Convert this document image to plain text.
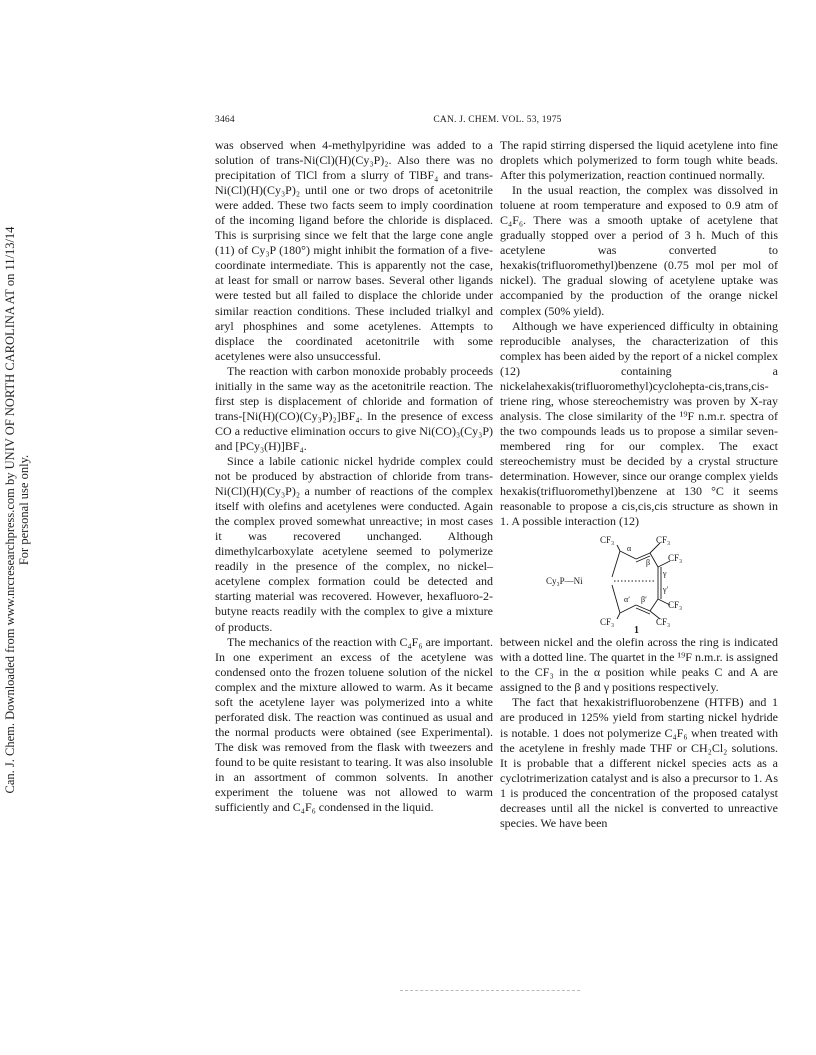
Can. J. Chem. Downloaded from www.nrcresearchpress.com by UNIV OF NORTH CAROLINA AT on 11/13/14 For personal use only.
3464	CAN. J. CHEM. VOL. 53, 1975

was observed when 4-methylpyridine was added to a solution of trans-Ni(Cl)(H)(Cy₃P)₂. Also there was no precipitation of TlCl from a slurry of TlBF₄ and trans-Ni(Cl)(H)(Cy₃P)₂ until one or two drops of acetonitrile were added. These two facts seem to imply coordination of the incoming ligand before the chloride is displaced. This is surprising since we felt that the large cone angle (11) of Cy₃P (180°) might inhibit the formation of a five-coordinate intermediate. This is apparently not the case, at least for small or narrow bases. Several other ligands were tested but all failed to displace the chloride under similar reaction conditions. These included trialkyl and aryl phosphines and some acetylenes. Attempts to displace the coordinated acetonitrile with some acetylenes were also unsuccessful.

The reaction with carbon monoxide probably proceeds initially in the same way as the acetonitrile reaction. The first step is displacement of chloride and formation of trans-[Ni(H)(CO)(Cy₃P)₂]BF₄. In the presence of excess CO a reductive elimination occurs to give Ni(CO)₃(Cy₃P) and [PCy₃(H)]BF₄.

Since a labile cationic nickel hydride complex could not be produced by abstraction of chloride from trans-Ni(Cl)(H)(Cy₃P)₂ a number of reactions of the complex itself with olefins and acetylenes were conducted. Again the complex proved somewhat unreactive; in most cases it was recovered unchanged. Although dimethylcarboxylate acetylene seemed to polymerize readily in the presence of the complex, no nickel–acetylene complex formation could be detected and starting material was recovered. However, hexafluoro-2-butyne reacts readily with the complex to give a mixture of products.

The mechanics of the reaction with C₄F₆ are important. In one experiment an excess of the acetylene was condensed onto the frozen toluene solution of the nickel complex and the mixture allowed to warm. As it became soft the acetylene layer was polymerized into a white perforated disk. The reaction was continued as usual and the normal products were obtained (see Experimental). The disk was removed from the flask with tweezers and found to be quite resistant to tearing. It was also insoluble in an assortment of common solvents. In another experiment the toluene was not allowed to warm sufficiently and C₄F₆ condensed in the liquid.

The rapid stirring dispersed the liquid acetylene into fine droplets which polymerized to form tough white beads. After this polymerization, reaction continued normally.

In the usual reaction, the complex was dissolved in toluene at room temperature and exposed to 0.9 atm of C₄F₆. There was a smooth uptake of acetylene that gradually stopped over a period of 3 h. Much of this acetylene was converted to hexakis(trifluoromethyl)benzene (0.75 mol per mol of nickel). The gradual slowing of acetylene uptake was accompanied by the production of the orange nickel complex (50% yield).

Although we have experienced difficulty in obtaining reproducible analyses, the characterization of this complex has been aided by the report of a nickel complex (12) containing a nickelahexakis(trifluoromethyl)cyclohepta-cis,trans,cis-triene ring, whose stereochemistry was proven by X-ray analysis. The close similarity of the ¹⁹F n.m.r. spectra of the two compounds leads us to propose a similar seven-membered ring for our complex. The exact stereochemistry must be decided by a crystal structure determination. However, since our orange complex yields hexakis(trifluoromethyl)benzene at 130 °C it seems reasonable to propose a cis,cis,cis structure as shown in 1. A possible interaction (12)

CF₃	CF₃
CF₃
α
β
γ
γ′
Cy₃P—Ni
α′ β′
CF₃
CF₃	CF₃
1

between nickel and the olefin across the ring is indicated with a dotted line. The quartet in the ¹⁹F n.m.r. is assigned to the CF₃ in the α position while peaks C and A are assigned to the β and γ positions respectively.

The fact that hexakistrifluorobenzene (HTFB) and 1 are produced in 125% yield from starting nickel hydride is notable. 1 does not polymerize C₄F₆ when treated with the acetylene in freshly made THF or CH₂Cl₂ solutions. It is probable that a different nickel species acts as a cyclotrimerization catalyst and is also a precursor to 1. As 1 is produced the concentration of the proposed catalyst decreases until all the nickel is converted to unreactive species. We have been
